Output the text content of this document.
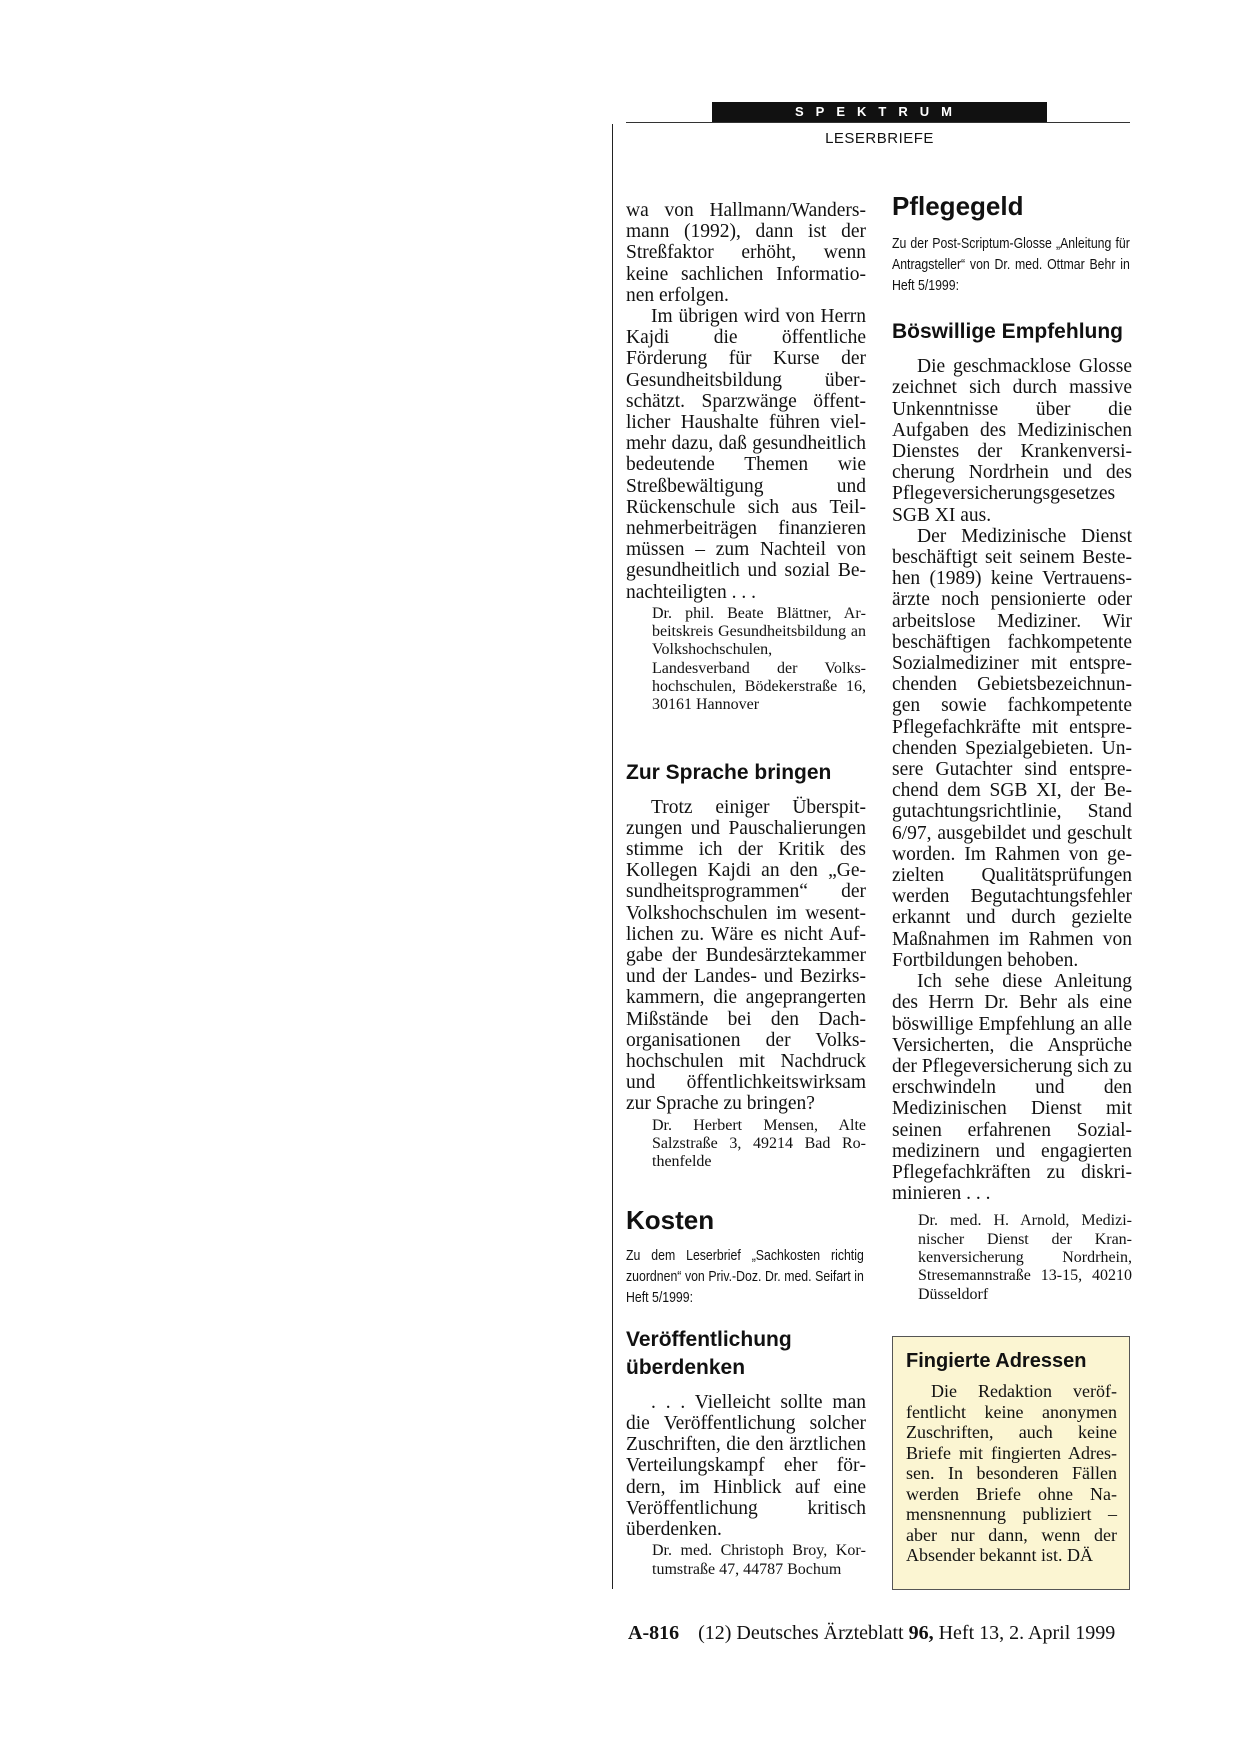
SPEKTRUM
LESERBRIEFE

wa von Hallmann/Wandersmann (1992), dann ist der Streßfaktor erhöht, wenn keine sachlichen Informationen erfolgen.

Im übrigen wird von Herrn Kajdi die öffentliche Förderung für Kurse der Gesundheitsbildung überschätzt. Sparzwänge öffentlicher Haushalte führen vielmehr dazu, daß gesundheitlich bedeutende Themen wie Streßbewältigung und Rückenschule sich aus Teilnehmerbeiträgen finanzieren müssen – zum Nachteil von gesundheitlich und sozial Benachteiligten . . .

Dr. phil. Beate Blättner, Arbeitskreis Gesundheitsbildung an Volkshochschulen, Landesverband der Volkshochschulen, Bödekerstraße 16, 30161 Hannover

Zur Sprache bringen

Trotz einiger Überspitzungen und Pauschalierungen stimme ich der Kritik des Kollegen Kajdi an den „Gesundheitsprogrammen“ der Volkshochschulen im wesentlichen zu. Wäre es nicht Aufgabe der Bundesärztekammer und der Landes- und Bezirkskammern, die angeprangerten Mißstände bei den Dachorganisationen der Volkshochschulen mit Nachdruck und öffentlichkeitswirksam zur Sprache zu bringen?

Dr. Herbert Mensen, Alte Salzstraße 3, 49214 Bad Rothenfelde

Kosten

Zu dem Leserbrief „Sachkosten richtig zuordnen“ von Priv.-Doz. Dr. med. Seifart in Heft 5/1999:

Veröffentlichung überdenken

. . . Vielleicht sollte man die Veröffentlichung solcher Zuschriften, die den ärztlichen Verteilungskampf eher fördern, im Hinblick auf eine Veröffentlichung kritisch überdenken.

Dr. med. Christoph Broy, Kortumstraße 47, 44787 Bochum

Pflegegeld

Zu der Post-Scriptum-Glosse „Anleitung für Antragsteller“ von Dr. med. Ottmar Behr in Heft 5/1999:

Böswillige Empfehlung

Die geschmacklose Glosse zeichnet sich durch massive Unkenntnisse über die Aufgaben des Medizinischen Dienstes der Krankenversicherung Nordrhein und des Pflegeversicherungsgesetzes SGB XI aus.

Der Medizinische Dienst beschäftigt seit seinem Bestehen (1989) keine Vertrauensärzte noch pensionierte oder arbeitslose Mediziner. Wir beschäftigen fachkompetente Sozialmediziner mit entsprechenden Gebietsbezeichnungen sowie fachkompetente Pflegefachkräfte mit entsprechenden Spezialgebieten. Unsere Gutachter sind entsprechend dem SGB XI, der Begutachtungsrichtlinie, Stand 6/97, ausgebildet und geschult worden. Im Rahmen von gezielten Qualitätsprüfungen werden Begutachtungsfehler erkannt und durch gezielte Maßnahmen im Rahmen von Fortbildungen behoben.

Ich sehe diese Anleitung des Herrn Dr. Behr als eine böswillige Empfehlung an alle Versicherten, die Ansprüche der Pflegeversicherung sich zu erschwindeln und den Medizinischen Dienst mit seinen erfahrenen Sozialmedizinern und engagierten Pflegefachkräften zu diskriminieren . . .

Dr. med. H. Arnold, Medizinischer Dienst der Krankenversicherung Nordrhein, Stresemannstraße 13-15, 40210 Düsseldorf

Fingierte Adressen

Die Redaktion veröffentlicht keine anonymen Zuschriften, auch keine Briefe mit fingierten Adressen. In besonderen Fällen werden Briefe ohne Namensnennung publiziert – aber nur dann, wenn der Absender bekannt ist. DÄ

A-816 (12) Deutsches Ärzteblatt 96, Heft 13, 2. April 1999
